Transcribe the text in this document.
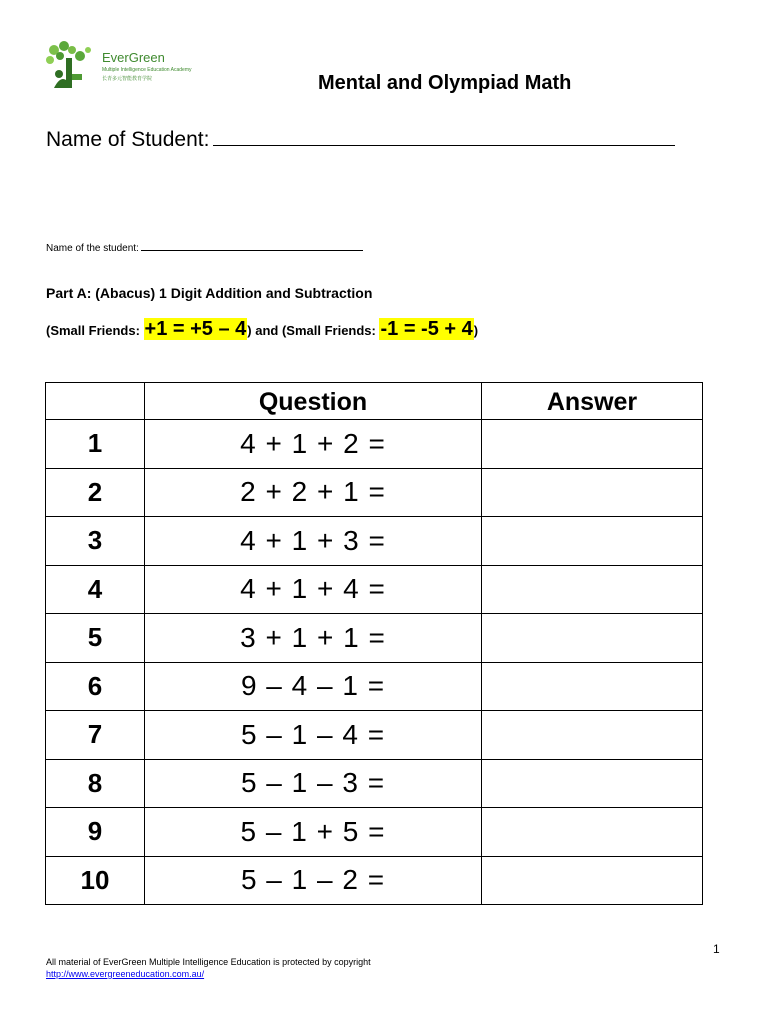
EverGreen
Multiple Intelligence Education Academy
长青多元智能教育学院	Mental and Olympiad Math
Name of Student:
Name of the student:
Part A: (Abacus) 1 Digit Addition and Subtraction
(Small Friends: +1 = +5 – 4) and (Small Friends: -1 = -5 + 4)
	Question	Answer
1	4 + 1 + 2 =	
2	2 + 2 + 1 =	
3	4 + 1 + 3 =	
4	4 + 1 + 4 =	
5	3 + 1 + 1 =	
6	9 – 4 – 1 =	
7	5 – 1 – 4 =	
8	5 – 1 – 3 =	
9	5 – 1 + 5 =	
10	5 – 1 – 2 =	
1
All material of EverGreen Multiple Intelligence Education is protected by copyright
http://www.evergreeneducation.com.au/
